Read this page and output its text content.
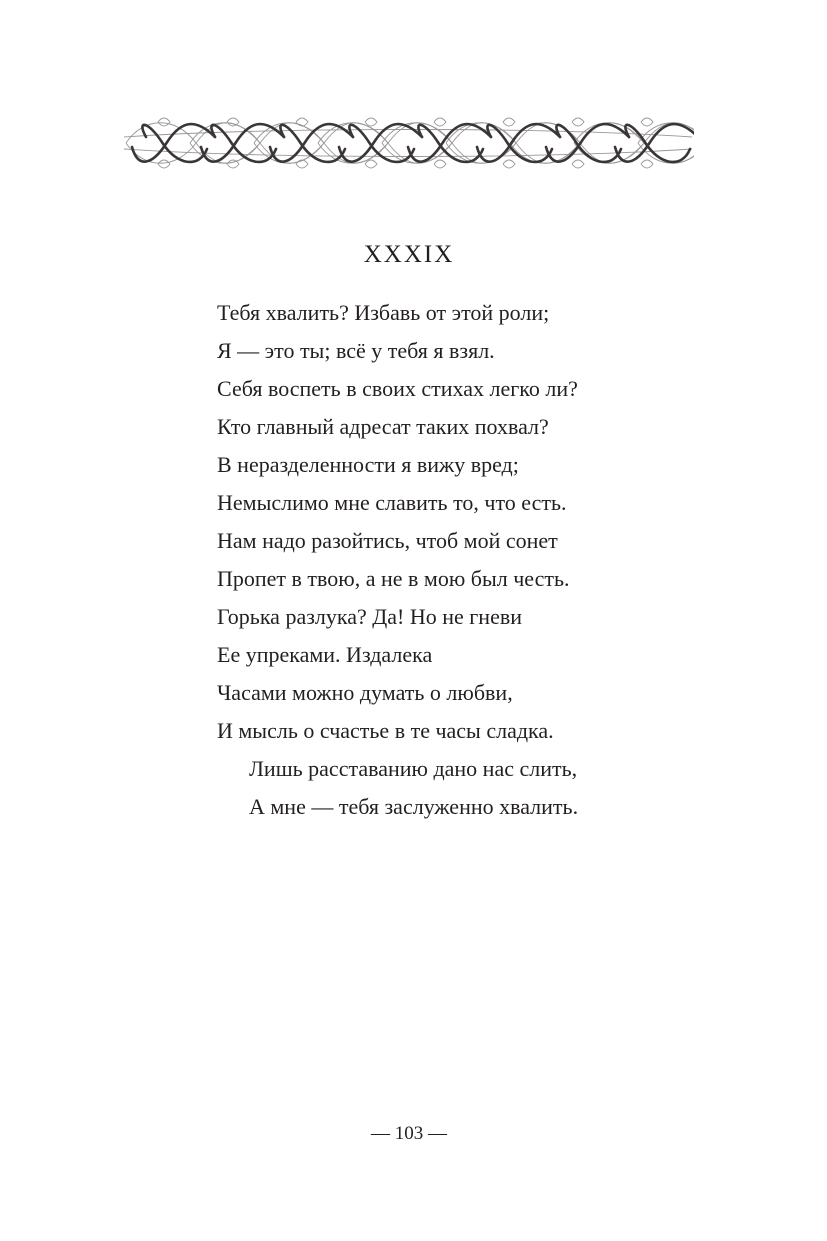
XXXIX
Тебя хвалить? Избавь от этой роли;
Я — это ты; всё у тебя я взял.
Себя воспеть в своих стихах легко ли?
Кто главный адресат таких похвал?
В неразделенности я вижу вред;
Немыслимо мне славить то, что есть.
Нам надо разойтись, чтоб мой сонет
Пропет в твою, а не в мою был честь.
Горька разлука? Да! Но не гневи
Ее упреками. Издалека
Часами можно думать о любви,
И мысль о счастье в те часы сладка.
Лишь расставанию дано нас слить,
А мне — тебя заслуженно хвалить.
— 103 —
